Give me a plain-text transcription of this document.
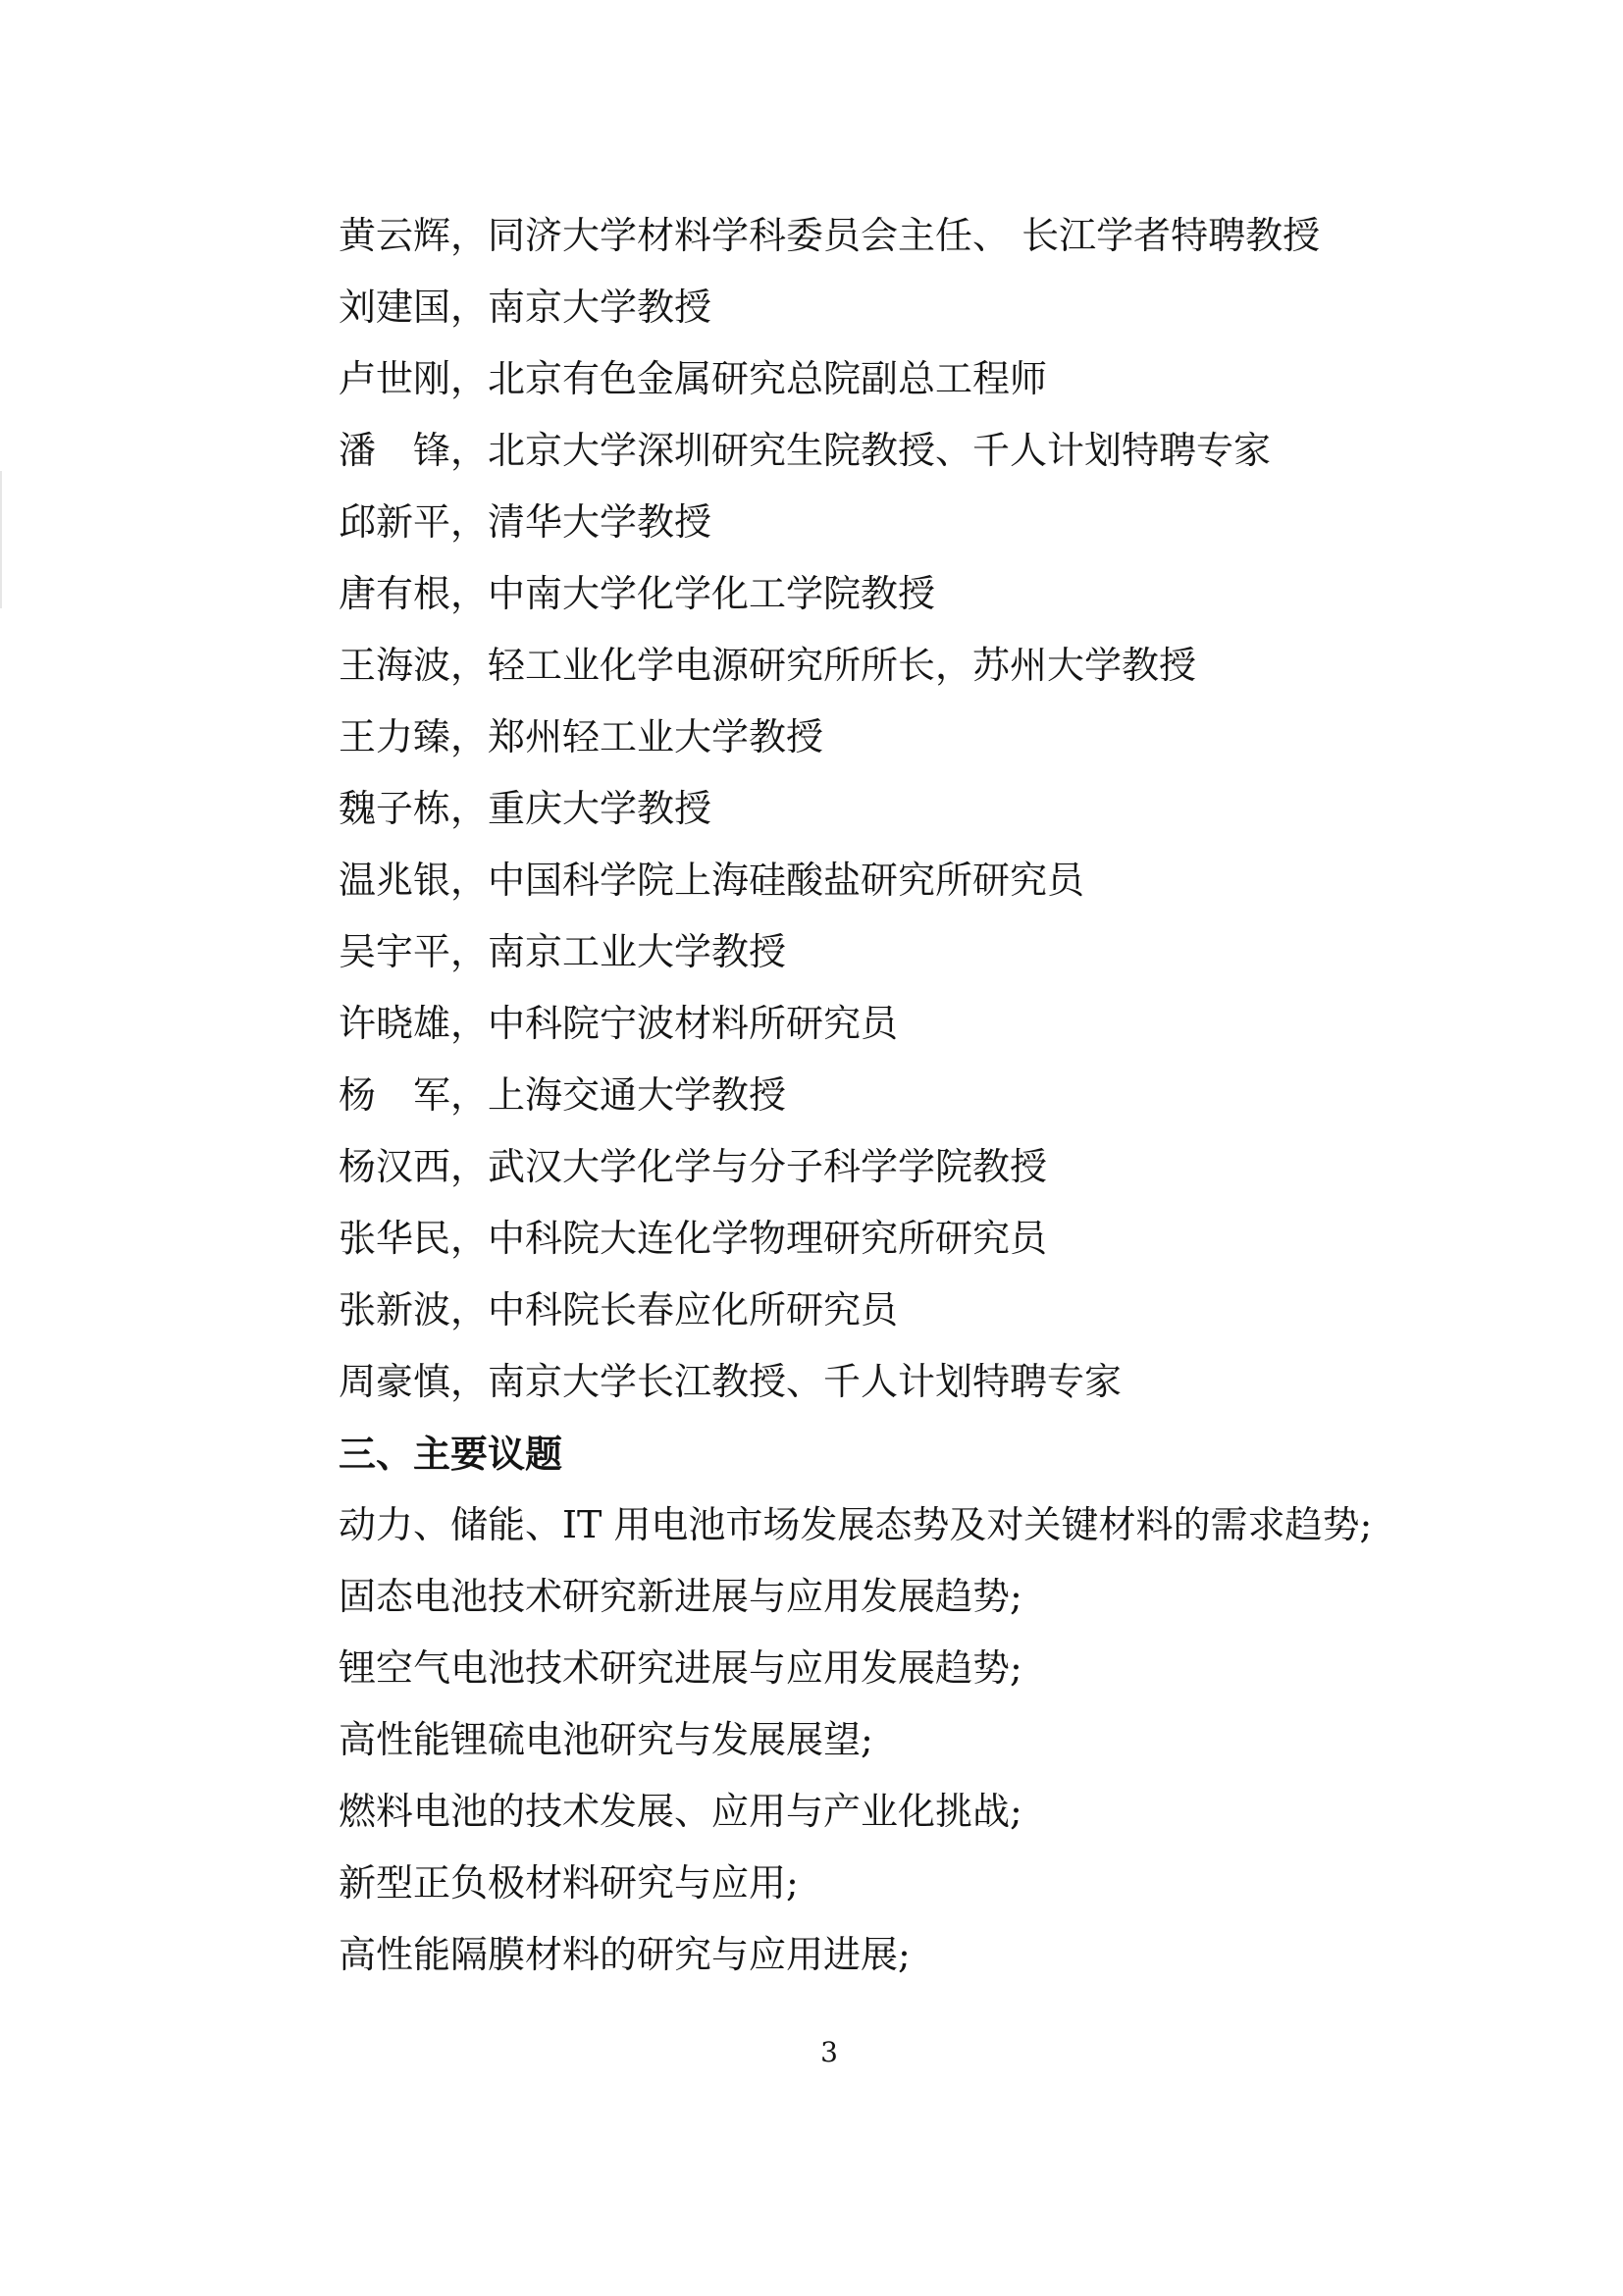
黄云辉，同济大学材料学科委员会主任、 长江学者特聘教授
刘建国，南京大学教授
卢世刚，北京有色金属研究总院副总工程师
潘　锋，北京大学深圳研究生院教授、千人计划特聘专家
邱新平，清华大学教授
唐有根，中南大学化学化工学院教授
王海波，轻工业化学电源研究所所长，苏州大学教授
王力臻，郑州轻工业大学教授
魏子栋，重庆大学教授
温兆银，中国科学院上海硅酸盐研究所研究员
吴宇平，南京工业大学教授
许晓雄，中科院宁波材料所研究员
杨　军，上海交通大学教授
杨汉西，武汉大学化学与分子科学学院教授
张华民，中科院大连化学物理研究所研究员
张新波，中科院长春应化所研究员
周豪慎，南京大学长江教授、千人计划特聘专家
三、主要议题
动力、储能、IT 用电池市场发展态势及对关键材料的需求趋势;
固态电池技术研究新进展与应用发展趋势;
锂空气电池技术研究进展与应用发展趋势;
高性能锂硫电池研究与发展展望;
燃料电池的技术发展、应用与产业化挑战;
新型正负极材料研究与应用;
高性能隔膜材料的研究与应用进展;
3
